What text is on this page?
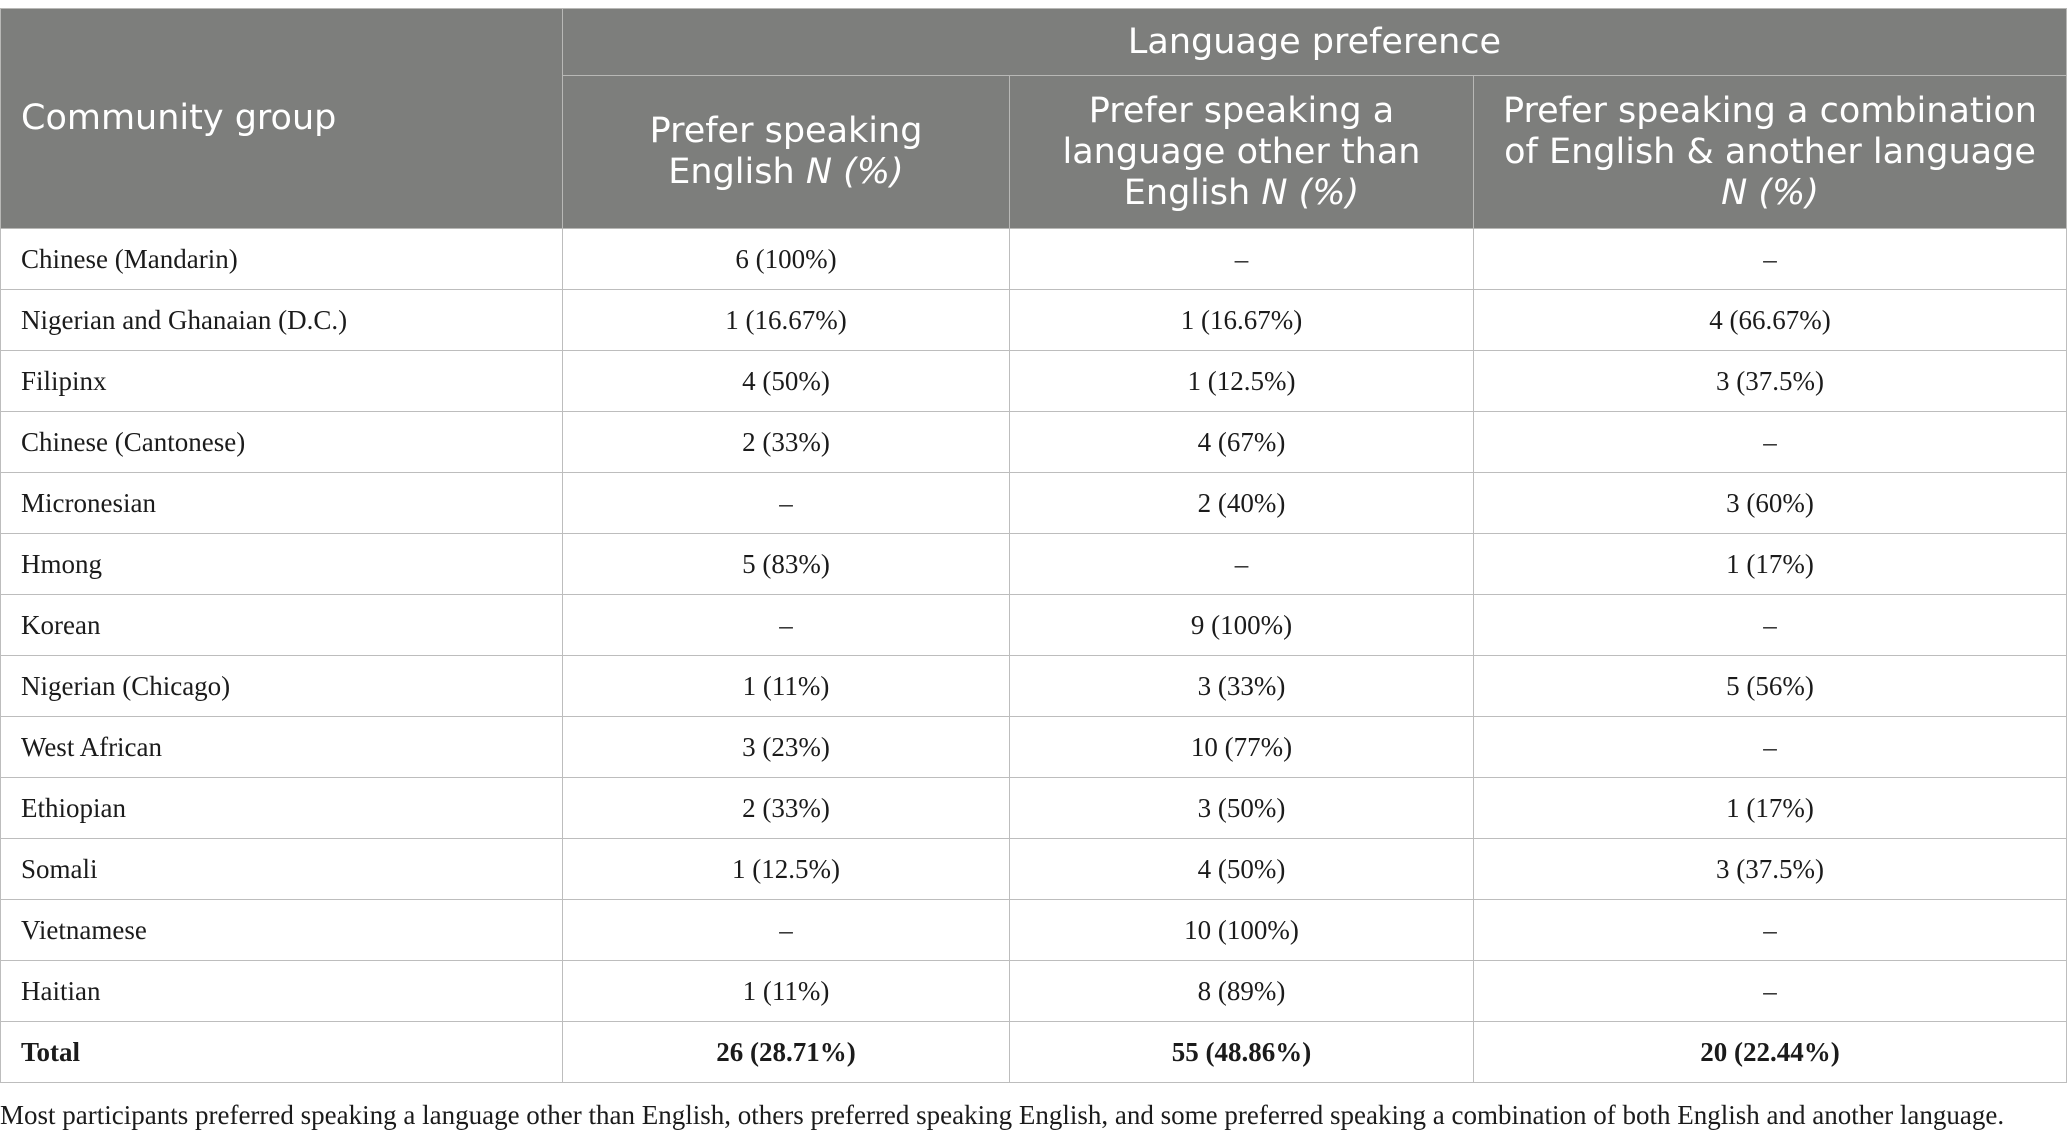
Community group	Language preference		
	Prefer speaking English N (%)	Prefer speaking a language other than English N (%)	Prefer speaking a combination of English & another language N (%)
Chinese (Mandarin)	6 (100%)	–	–
Nigerian and Ghanaian (D.C.)	1 (16.67%)	1 (16.67%)	4 (66.67%)
Filipinx	4 (50%)	1 (12.5%)	3 (37.5%)
Chinese (Cantonese)	2 (33%)	4 (67%)	–
Micronesian	–	2 (40%)	3 (60%)
Hmong	5 (83%)	–	1 (17%)
Korean	–	9 (100%)	–
Nigerian (Chicago)	1 (11%)	3 (33%)	5 (56%)
West African	3 (23%)	10 (77%)	–
Ethiopian	2 (33%)	3 (50%)	1 (17%)
Somali	1 (12.5%)	4 (50%)	3 (37.5%)
Vietnamese	–	10 (100%)	–
Haitian	1 (11%)	8 (89%)	–
Total	26 (28.71%)	55 (48.86%)	20 (22.44%)
Most participants preferred speaking a language other than English, others preferred speaking English, and some preferred speaking a combination of both English and another language.
